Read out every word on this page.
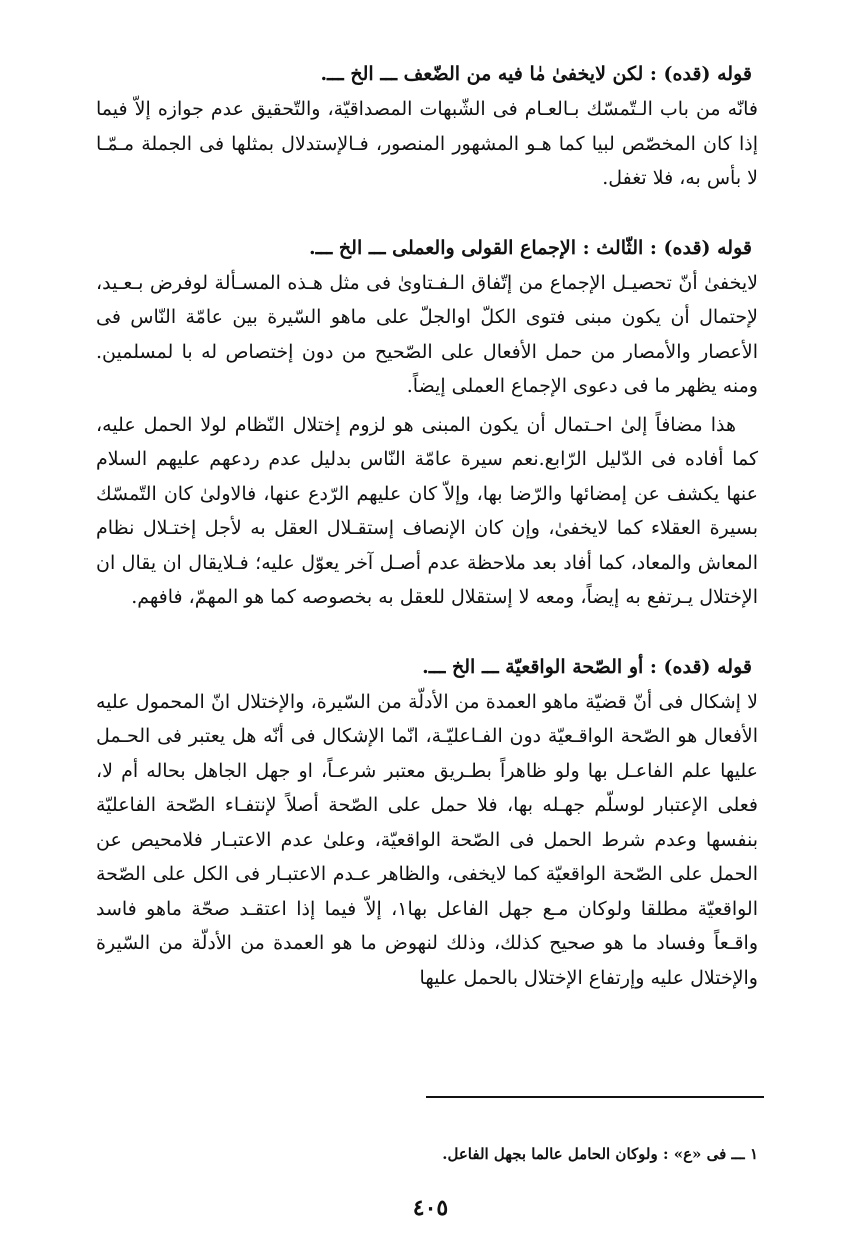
قوله (قده) : لكن لايخفىٰ مٰا فيه من الضّعف ـــ الخ ـــ.

فانّه من باب الـتّمسّك بـالعـام فى الشّبهات المصداقيّة، والتّحقيق عدم جوازه إلاّ فيما إذا كان المخصّص لبيا كما هـو المشهور المنصور، فـالإستدلال بمثلها فى الجملة مـمّـا لا بأس به، فلا تغفل.

قوله (قده) : الثّالث : الإجماع القولى والعملى ـــ الخ ـــ.

لايخفىٰ أنّ تحصيـل الإجماع من إتّفاق الـفـتاوىٰ فى مثل هـذه المسـألة لوفرض بـعـيد، لإحتمال أن يكون مبنى فتوى الكلّ اوالجلّ على ماهو السّيرة بين عامّة النّاس فى الأعصار والأمصار من حمل الأفعال على الصّحيح من دون إختصاص له با لمسلمين. ومنه يظهر ما فى دعوى الإجماع العملى إيضاً.

هذا مضافاً إلىٰ احـتمال أن يكون المبنى هو لزوم إختلال النّظام لولا الحمل عليه، كما أفاده فى الدّليل الرّابع.نعم سيرة عامّة النّاس بدليل عدم ردعهم عليهم السلام عنها يكشف عن إمضائها والرّضا بها، وإلاّ كان عليهم الرّدع عنها، فالاولىٰ كان التّمسّك بسيرة العقلاء كما لايخفىٰ، وإن كان الإنصاف إستقـلال العقل به لأجل إختـلال نظام المعاش والمعاد، كما أفاد بعد ملاحظة عدم أصـل آخر يعوّل عليه؛ فـلايقال ان يقال ان الإختلال يـرتفع به إيضاً، ومعه لا إستقلال للعقل به بخصوصه كما هو المهمّ، فافهم.

قوله (قده) : أو الصّحة الواقعيّة ـــ الخ ـــ.

لا إشكال فى أنّ قضيّة ماهو العمدة من الأدلّة من السّيرة، والإختلال انّ المحمول عليه الأفعال هو الصّحة الواقـعيّة دون الفـاعليّـة، انّما الإشكال فى أنّه هل يعتبر فى الحـمل عليها علم الفاعـل بها ولو ظاهراً بطـريق معتبر شرعـاً، او جهل الجاهل بحاله أم لا، فعلى الإعتبار لوسلّم جهـله بها، فلا حمل على الصّحة أصلاً لإنتفـاء الصّحة الفاعليّة بنفسها وعدم شرط الحمل فى الصّحة الواقعيّة، وعلىٰ عدم الاعتبـار فلامحيص عن الحمل على الصّحة الواقعيّة كما لايخفى، والظاهر عـدم الاعتبـار فى الكل على الصّحة الواقعيّة مطلقا ولوكان مـع جهل الفاعل بها١، إلاّ فيما إذا اعتقـد صحّة ماهو فاسد واقـعاً وفساد ما هو صحيح كذلك، وذلك لنهوض ما هو العمدة من الأدلّة من السّيرة والإختلال عليه وإرتفاع الإختلال بالحمل عليها

١ ـــ فى «ع» : ولوكان الحامل عالما بجهل الفاعل.
٤٠٥
